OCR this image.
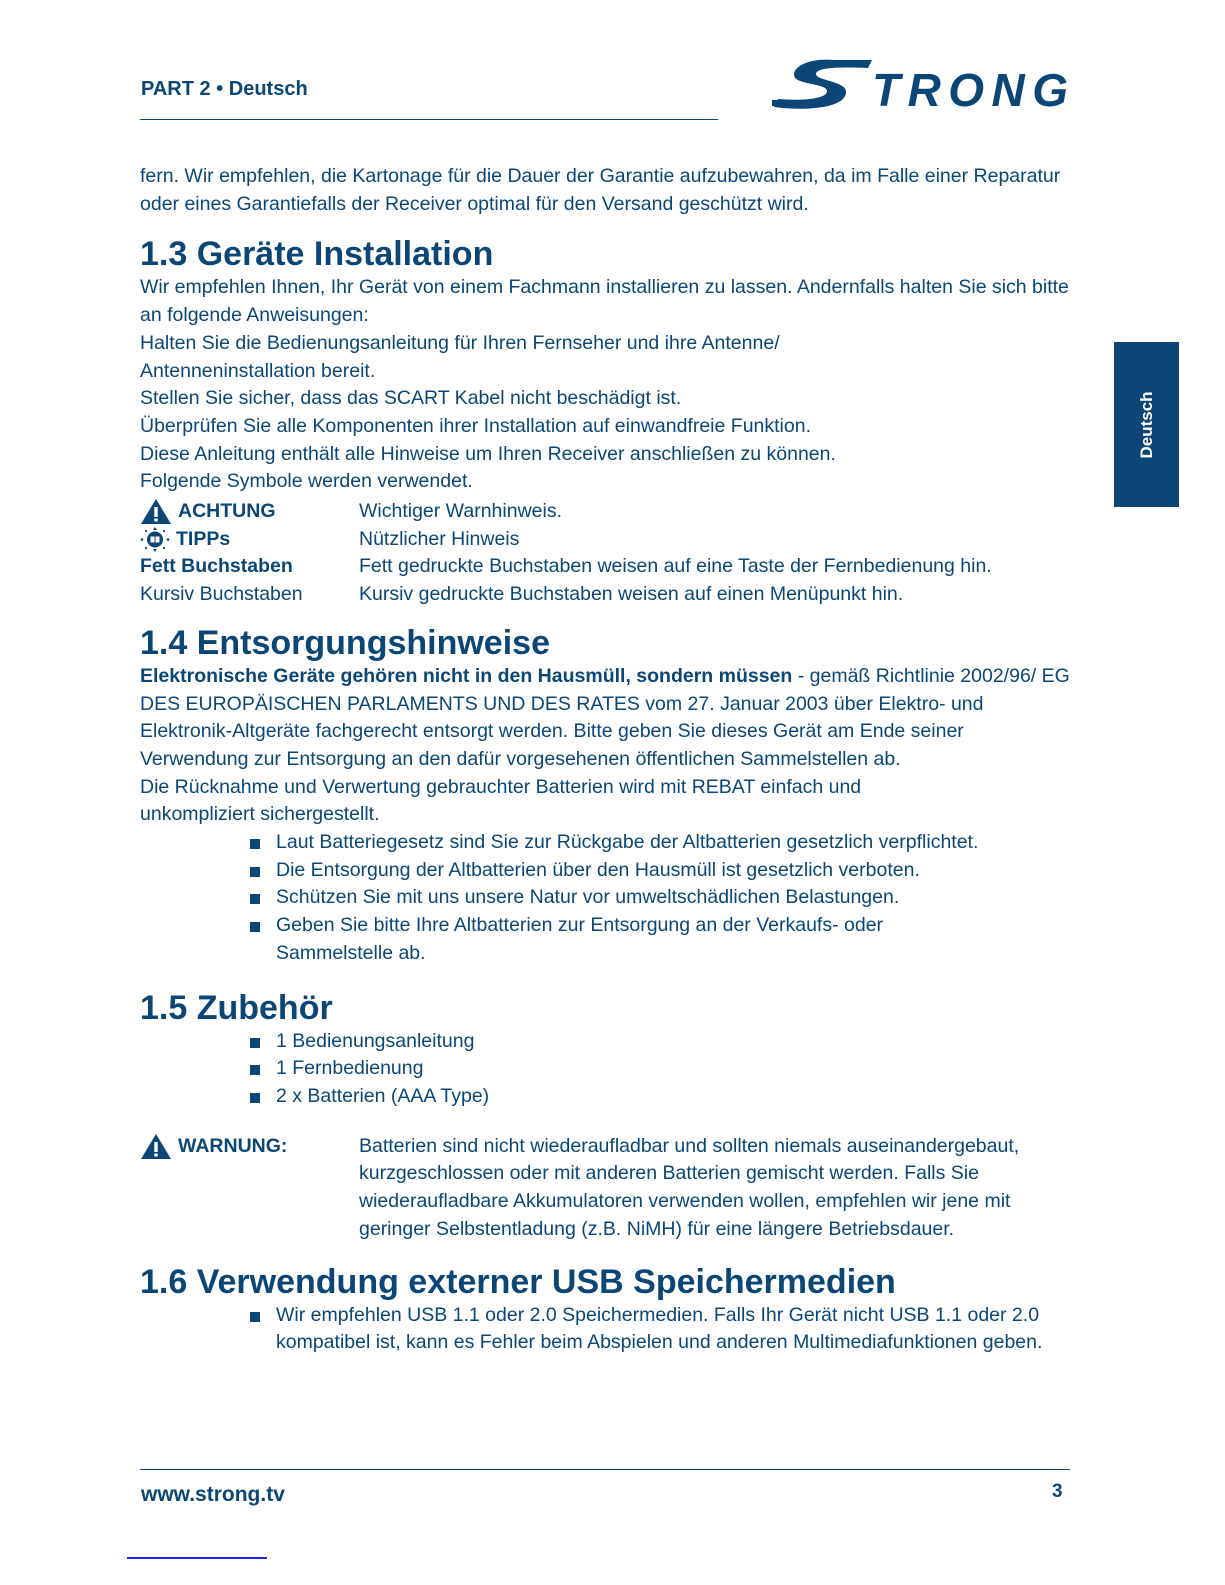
PART 2 • Deutsch	TRONG
Deutsch

fern. Wir empfehlen, die Kartonage für die Dauer der Garantie aufzubewahren, da im Falle einer Reparatur oder eines Garantiefalls der Receiver optimal für den Versand geschützt wird.

1.3 Geräte Installation

Wir empfehlen Ihnen, Ihr Gerät von einem Fachmann installieren zu lassen. Andernfalls halten Sie sich bitte an folgende Anweisungen:

Halten Sie die Bedienungsanleitung für Ihren Fernseher und ihre Antenne/ Antenneninstallation bereit.

Stellen Sie sicher, dass das SCART Kabel nicht beschädigt ist.

Überprüfen Sie alle Komponenten ihrer Installation auf einwandfreie Funktion.

Diese Anleitung enthält alle Hinweise um Ihren Receiver anschließen zu können.

Folgende Symbole werden verwendet.

ACHTUNG	Wichtiger Warnhinweis.
TIPPs	Nützlicher Hinweis
Fett Buchstaben	Fett gedruckte Buchstaben weisen auf eine Taste der Fernbedienung hin.
Kursiv Buchstaben	Kursiv gedruckte Buchstaben weisen auf einen Menüpunkt hin.
1.4 Entsorgungshinweise

Elektronische Geräte gehören nicht in den Hausmüll, sondern müssen - gemäß Richtlinie 2002/96/ EG DES EUROPÄISCHEN PARLAMENTS UND DES RATES vom 27. Januar 2003 über Elektro- und Elektronik-Altgeräte fachgerecht entsorgt werden. Bitte geben Sie dieses Gerät am Ende seiner Verwendung zur Entsorgung an den dafür vorgesehenen öffentlichen Sammelstellen ab.

Die Rücknahme und Verwertung gebrauchter Batterien wird mit REBAT einfach und unkompliziert sichergestellt.

Laut Batteriegesetz sind Sie zur Rückgabe der Altbatterien gesetzlich verpflichtet.
Die Entsorgung der Altbatterien über den Hausmüll ist gesetzlich verboten.
Schützen Sie mit uns unsere Natur vor umweltschädlichen Belastungen.
Geben Sie bitte Ihre Altbatterien zur Entsorgung an der Verkaufs- oder Sammelstelle ab.
1.5 Zubehör
1 Bedienungsanleitung
1 Fernbedienung
2 x Batterien (AAA Type)
WARNUNG:	Batterien sind nicht wiederaufladbar und sollten niemals auseinandergebaut, kurzgeschlossen oder mit anderen Batterien gemischt werden. Falls Sie wiederaufladbare Akkumulatoren verwenden wollen, empfehlen wir jene mit geringer Selbstentladung (z.B. NiMH) für eine längere Betriebsdauer.

1.6 Verwendung externer USB Speichermedien
Wir empfehlen USB 1.1 oder 2.0 Speichermedien. Falls Ihr Gerät nicht USB 1.1 oder 2.0 kompatibel ist, kann es Fehler beim Abspielen und anderen Multimediafunktionen geben.
www.strong.tv	3
